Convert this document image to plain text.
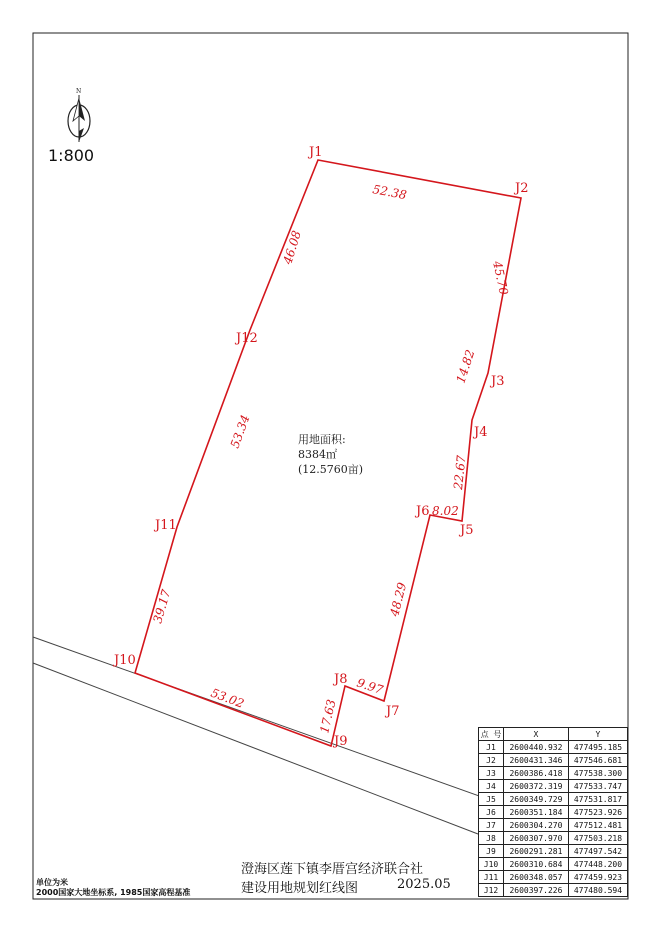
N
J1
J2
J3
J4
J5
J6
J7
J8
J9
J10
J11
J12
52.38
45.70
14.82
22.67
8.02
48.29
9.97
17.63
53.02
39.17
53.34
46.08
用地面积:
8384㎡
(12.5760亩)
1:800
点 号	X	Y
J1	2600440.932	477495.185
J2	2600431.346	477546.681
J3	2600386.418	477538.300
J4	2600372.319	477533.747
J5	2600349.729	477531.817
J6	2600351.184	477523.926
J7	2600304.270	477512.481
J8	2600307.970	477503.218
J9	2600291.281	477497.542
J10	2600310.684	477448.200
J11	2600348.057	477459.923
J12	2600397.226	477480.594
单位为米
2000国家大地坐标系, 1985国家高程基准
澄海区莲下镇李厝宫经济联合社
建设用地规划红线图	2025.05
